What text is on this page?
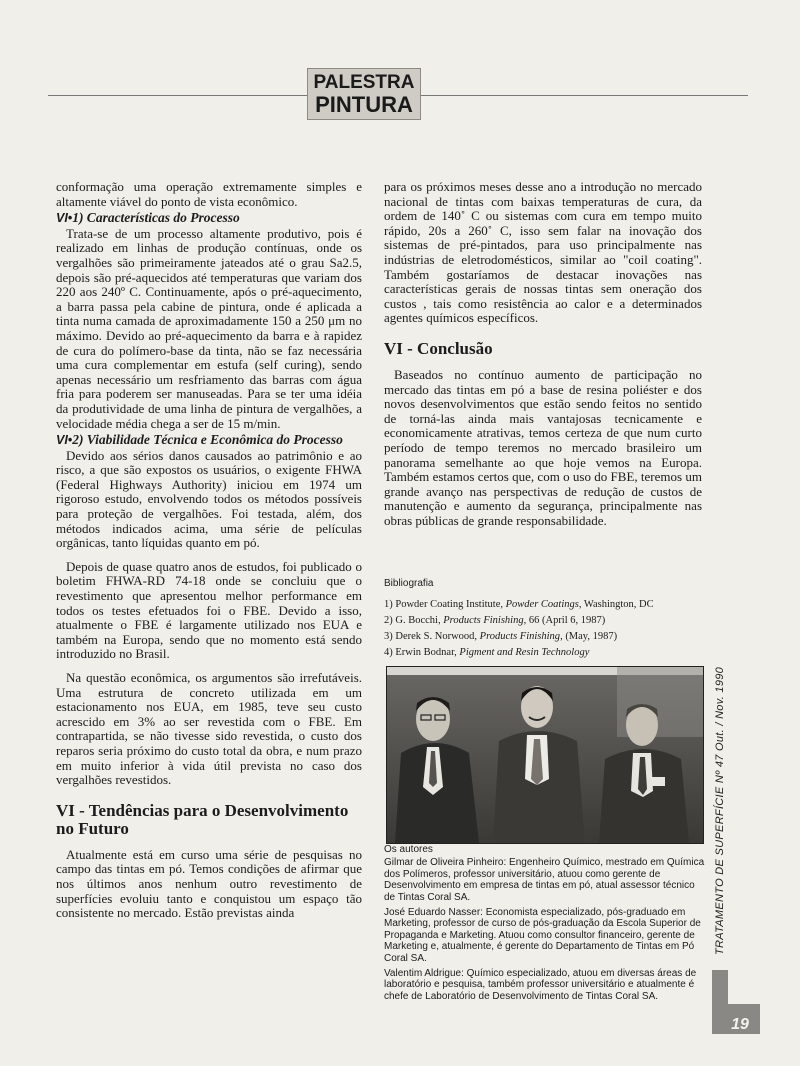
PALESTRA
PINTURA

conformação uma operação extremamente simples e altamente viável do ponto de vista econômico.

VI•1) Características do Processo

Trata-se de um processo altamente produtivo, pois é realizado em linhas de produção contínuas, onde os vergalhões são primeiramente jateados até o grau Sa2.5, depois são pré-aquecidos até temperaturas que variam dos 220 aos 240º C. Continuamente, após o pré-aquecimento, a barra passa pela cabine de pintura, onde é aplicada a tinta numa camada de aproximadamente 150 a 250 μm no máximo. Devido ao pré-aquecimento da barra e à rapidez de cura do polímero-base da tinta, não se faz necessária uma cura complementar em estufa (self curing), sendo apenas necessário um resfriamento das barras com água fria para poderem ser manuseadas. Para se ter uma idéia da produtividade de uma linha de pintura de vergalhões, a velocidade média chega a ser de 15 m/min.

VI•2) Viabilidade Técnica e Econômica do Processo

Devido aos sérios danos causados ao patrimônio e ao risco, a que são expostos os usuários, o exigente FHWA (Federal Highways Authority) iniciou em 1974 um rigoroso estudo, envolvendo todos os métodos possíveis para proteção de vergalhões. Foi testada, além, dos métodos indicados acima, uma série de películas orgânicas, tanto líquidas quanto em pó.

Depois de quase quatro anos de estudos, foi publicado o boletim FHWA-RD 74-18 onde se concluiu que o revestimento que apresentou melhor performance em todos os testes efetuados foi o FBE. Devido a isso, atualmente o FBE é largamente utilizado nos EUA e também na Europa, sendo que no momento está sendo introduzido no Brasil.

Na questão econômica, os argumentos são irrefutáveis. Uma estrutura de concreto utilizada em um estacionamento nos EUA, em 1985, teve seu custo acrescido em 3% ao ser revestida com o FBE. Em contrapartida, se não tivesse sido revestida, o custo dos reparos seria próximo do custo total da obra, e num prazo em muito inferior à vida útil prevista no caso dos vergalhões revestidos.

VI - Tendências para o Desenvolvimento no Futuro

Atualmente está em curso uma série de pesquisas no campo das tintas em pó. Temos condições de afirmar que nos últimos anos nenhum outro revestimento de superfícies evoluiu tanto e conquistou um espaço tão consistente no mercado. Estão previstas ainda

para os próximos meses desse ano a introdução no mercado nacional de tintas com baixas temperaturas de cura, da ordem de 140˚ C ou sistemas com cura em tempo muito rápido, 20s a 260˚ C, isso sem falar na inovação dos sistemas de pré-pintados, para uso principalmente nas indústrias de eletrodomésticos, similar ao "coil coating". Também gostaríamos de destacar inovações nas características gerais de nossas tintas sem oneração dos custos , tais como resistência ao calor e a determinados agentes químicos específicos.

VI - Conclusão

Baseados no contínuo aumento de participação no mercado das tintas em pó a base de resina poliéster e dos novos desenvolvimentos que estão sendo feitos no sentido de torná-las ainda mais vantajosas tecnicamente e economicamente atrativas, temos certeza de que num curto período de tempo teremos no mercado brasileiro um panorama semelhante ao que hoje vemos na Europa. Também estamos certos que, com o uso do FBE, teremos um grande avanço nas perspectivas de redução de custos de manutenção e aumento da segurança, principalmente nas obras públicas de grande responsabilidade.

Bibliografia

1) Powder Coating Institute, Powder Coatings, Washington, DC

2) G. Bocchi, Products Finishing, 66 (April 6, 1987)

3) Derek S. Norwood, Products Finishing, (May, 1987)

4) Erwin Bodnar, Pigment and Resin Technology

Os autores

Gilmar de Oliveira Pinheiro: Engenheiro Químico, mestrado em Química dos Polímeros, professor universitário, atuou como gerente de Desenvolvimento em empresa de tintas em pó, atual assessor técnico de Tintas Coral SA.

José Eduardo Nasser: Economista especializado, pós-graduado em Marketing, professor de curso de pós-graduação da Escola Superior de Propaganda e Marketing. Atuou como consultor financeiro, gerente de Marketing e, atualmente, é gerente do Departamento de Tintas em Pó Coral SA.

Valentim Aldrigue: Químico especializado, atuou em diversas áreas de laboratório e pesquisa, também professor universitário e atualmente é chefe de Laboratório de Desenvolvimento de Tintas Coral SA.

TRATAMENTO DE SUPERFÍCIE Nº 47 Out. / Nov. 1990
19
